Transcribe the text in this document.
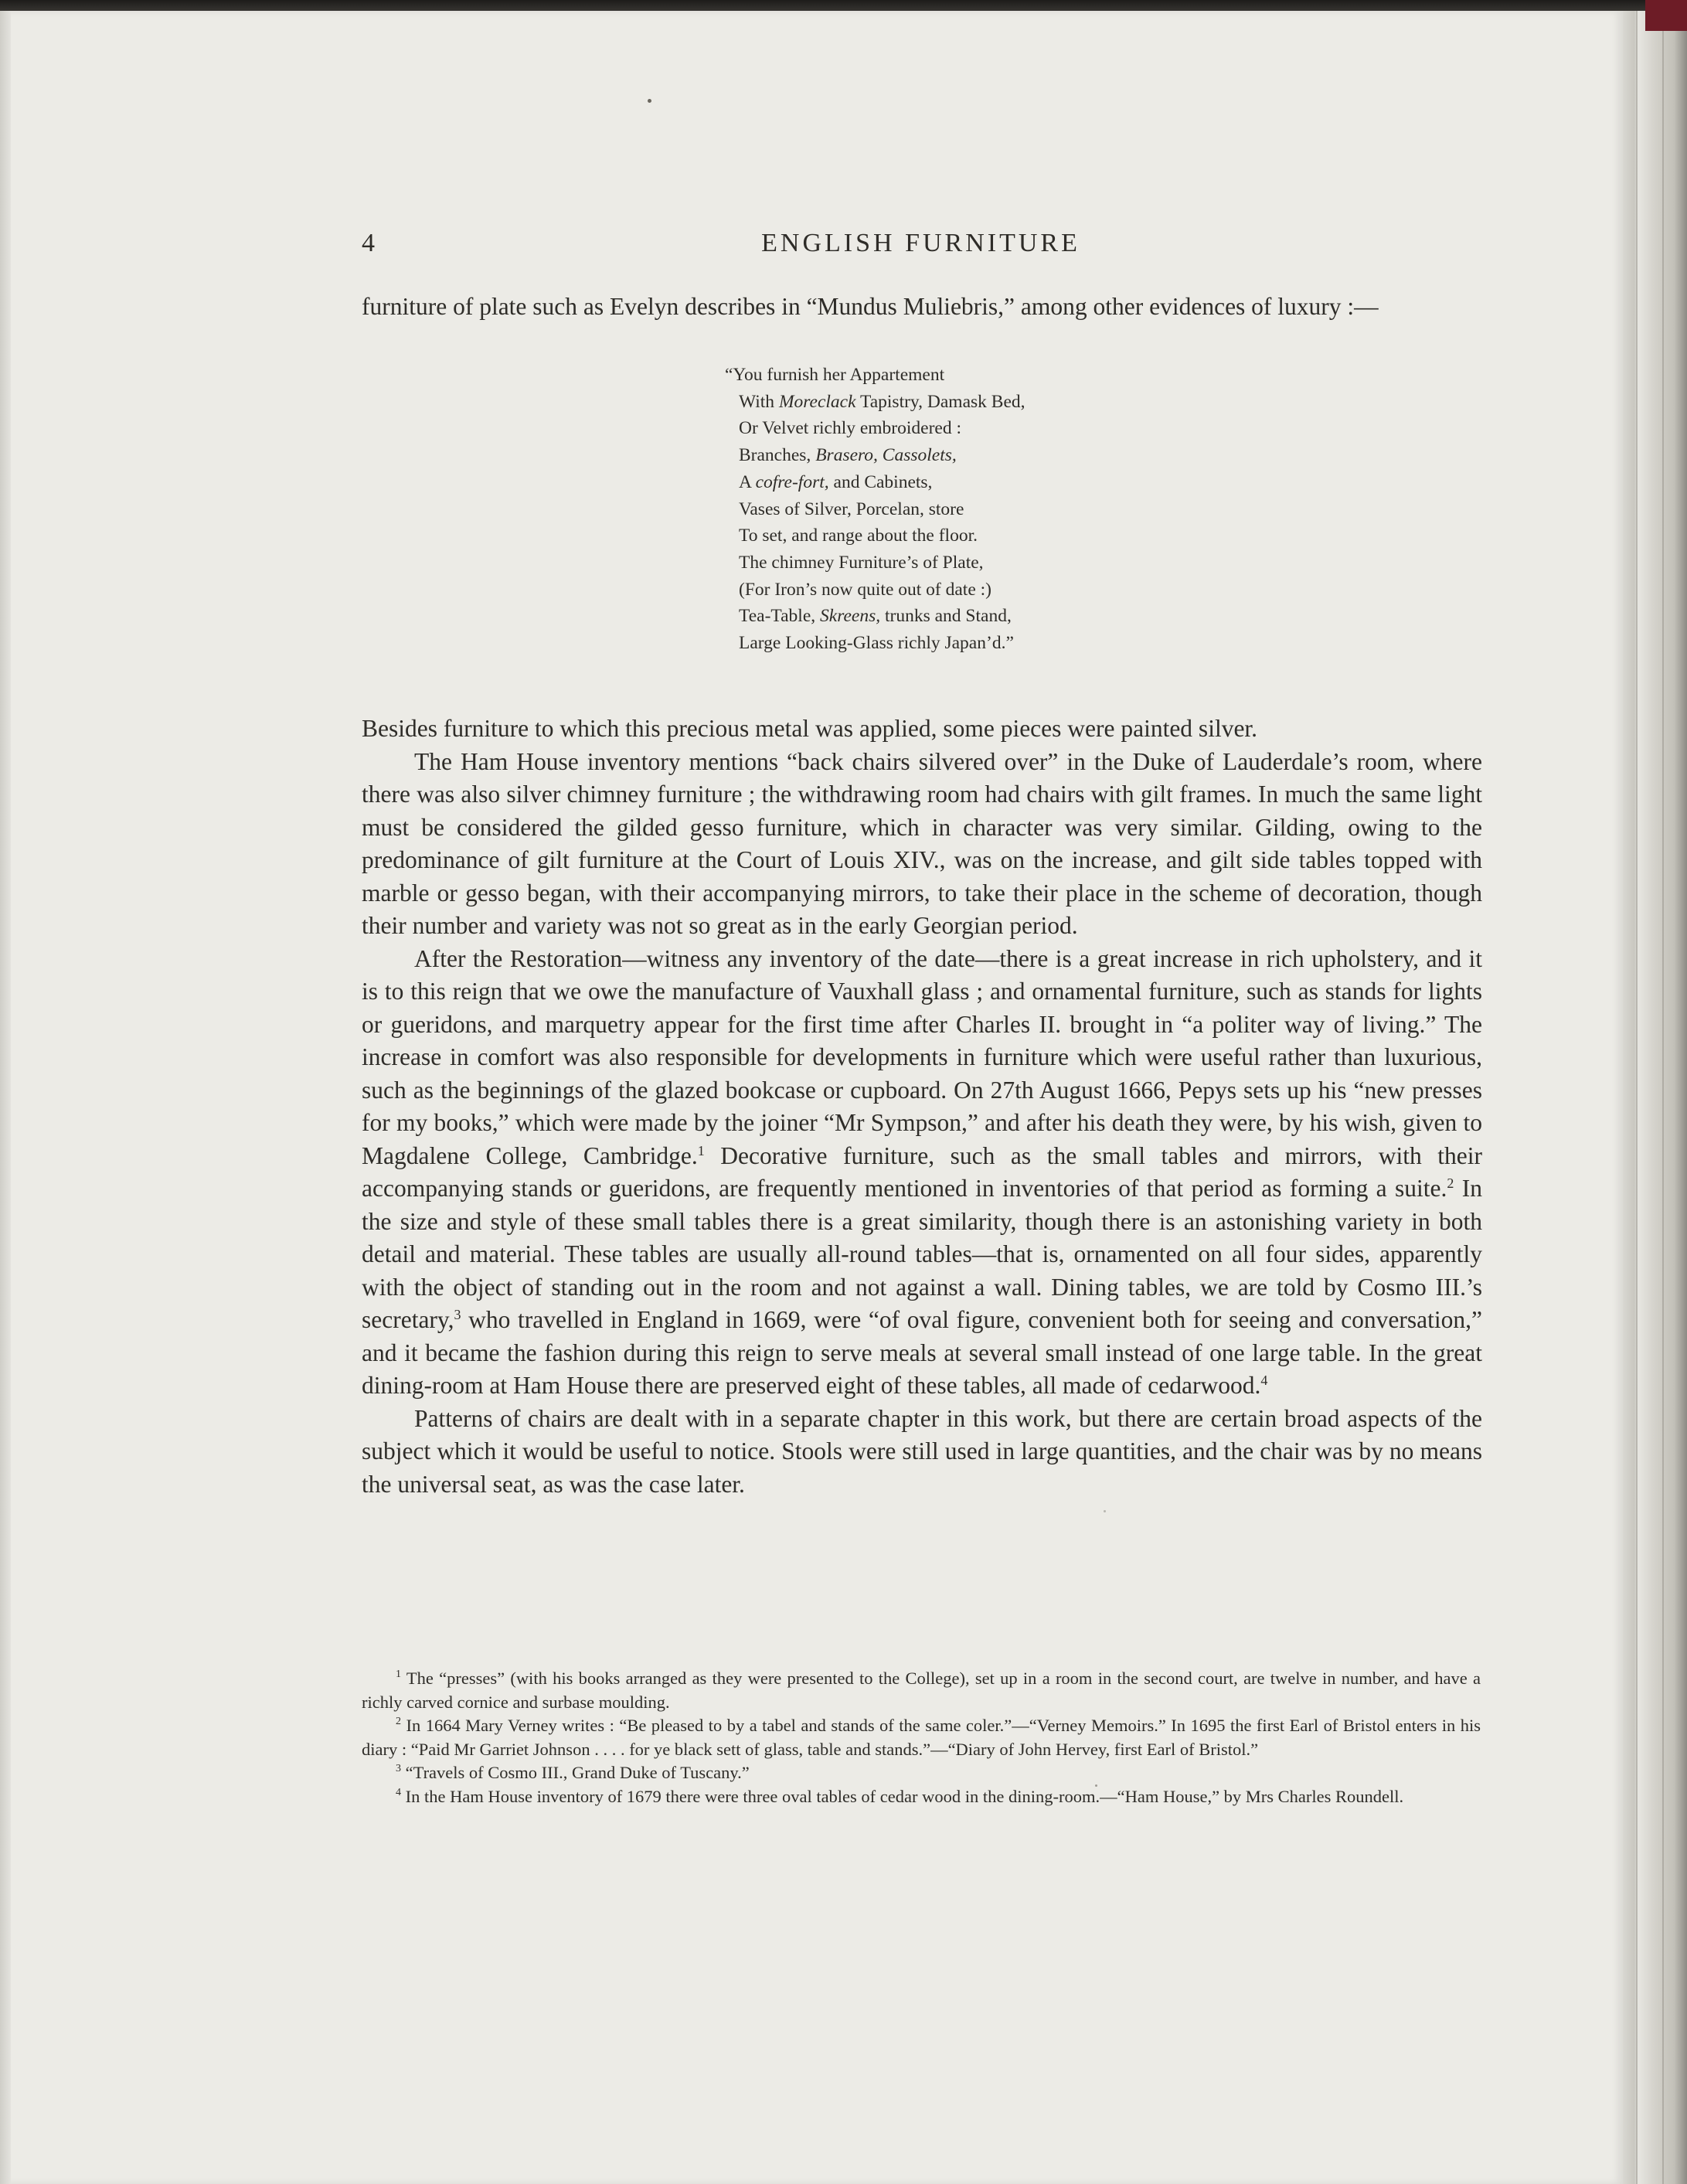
4	ENGLISH FURNITURE

furniture of plate such as Evelyn describes in “Mundus Muliebris,” among other evidences of luxury :—

“You furnish her Appartement
With Moreclack Tapistry, Damask Bed,
Or Velvet richly embroidered :
Branches, Brasero, Cassolets,
A cofre-fort, and Cabinets,
Vases of Silver, Porcelan, store
To set, and range about the floor.
The chimney Furniture’s of Plate,
(For Iron’s now quite out of date :)
Tea-Table, Skreens, trunks and Stand,
Large Looking-Glass richly Japan’d.”

Besides furniture to which this precious metal was applied, some pieces were painted silver.

The Ham House inventory mentions “back chairs silvered over” in the Duke of Lauderdale’s room, where there was also silver chimney furniture ; the withdrawing room had chairs with gilt frames. In much the same light must be considered the gilded gesso furniture, which in character was very similar. Gilding, owing to the predominance of gilt furniture at the Court of Louis XIV., was on the increase, and gilt side tables topped with marble or gesso began, with their accompanying mirrors, to take their place in the scheme of decoration, though their number and variety was not so great as in the early Georgian period.

After the Restoration—witness any inventory of the date—there is a great increase in rich upholstery, and it is to this reign that we owe the manufacture of Vauxhall glass ; and ornamental furniture, such as stands for lights or gueridons, and marquetry appear for the first time after Charles II. brought in “a politer way of living.” The increase in comfort was also responsible for developments in furniture which were useful rather than luxurious, such as the beginnings of the glazed bookcase or cupboard. On 27th August 1666, Pepys sets up his “new presses for my books,” which were made by the joiner “Mr Sympson,” and after his death they were, by his wish, given to Magdalene College, Cambridge.$^1$ Decorative furniture, such as the small tables and mirrors, with their accompanying stands or gueridons, are frequently mentioned in inventories of that period as forming a suite.$^2$ In the size and style of these small tables there is a great similarity, though there is an astonishing variety in both detail and material. These tables are usually all-round tables—that is, ornamented on all four sides, apparently with the object of standing out in the room and not against a wall. Dining tables, we are told by Cosmo III.’s secretary,$^3$ who travelled in England in 1669, were “of oval figure, convenient both for seeing and conversation,” and it became the fashion during this reign to serve meals at several small instead of one large table. In the great dining-room at Ham House there are preserved eight of these tables, all made of cedarwood.$^4$

Patterns of chairs are dealt with in a separate chapter in this work, but there are certain broad aspects of the subject which it would be useful to notice. Stools were still used in large quantities, and the chair was by no means the universal seat, as was the case later.

$^1$ The “presses” (with his books arranged as they were presented to the College), set up in a room in the second court, are twelve in number, and have a richly carved cornice and surbase moulding.

$^2$ In 1664 Mary Verney writes : “Be pleased to by a tabel and stands of the same coler.”—“Verney Memoirs.” In 1695 the first Earl of Bristol enters in his diary : “Paid Mr Garriet Johnson . . . . for ye black sett of glass, table and stands.”—“Diary of John Hervey, first Earl of Bristol.”

$^3$ “Travels of Cosmo III., Grand Duke of Tuscany.”

$^4$ In the Ham House inventory of 1679 there were three oval tables of cedar wood in the dining-room.—“Ham House,” by Mrs Charles Roundell.
